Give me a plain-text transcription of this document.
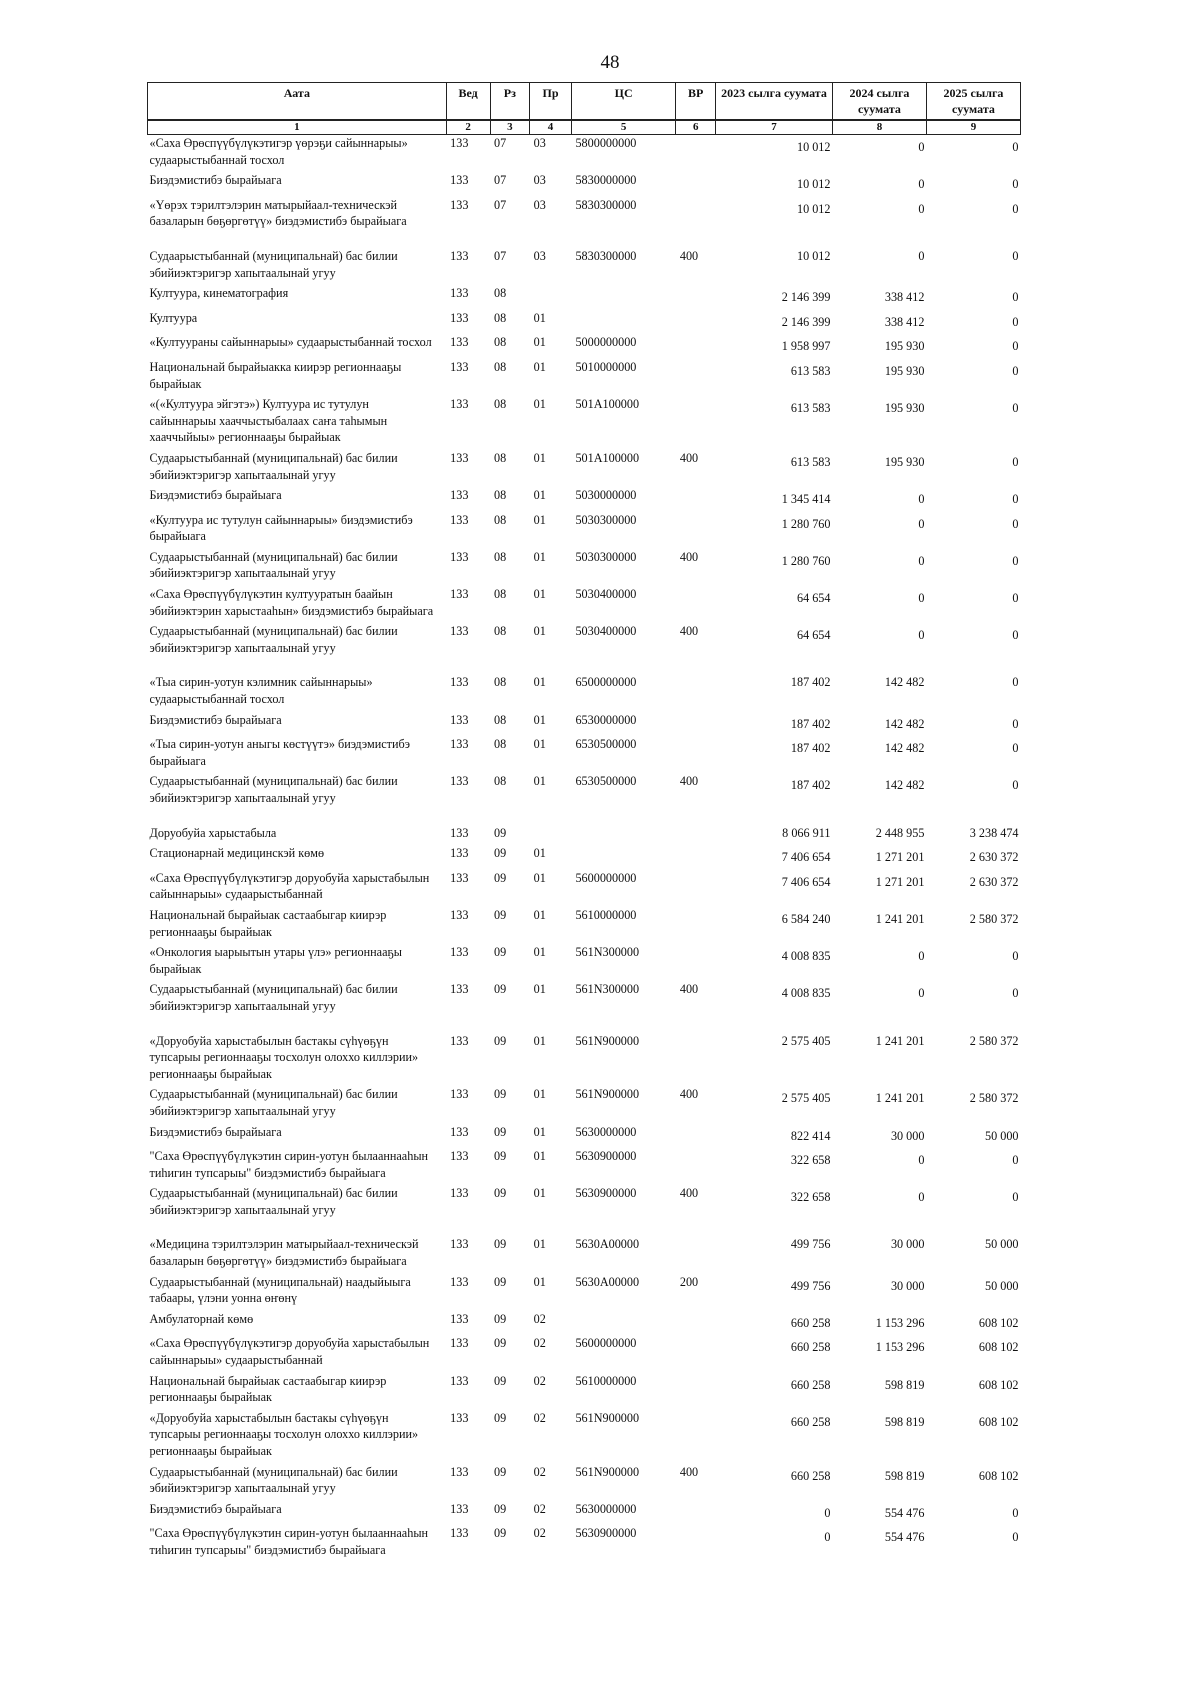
48
Аата	Вед	Рз	Пр	ЦС	ВР	2023 сылга суумата	2024 сылга суумата	2025 сылга суумата
1	2	3	4	5	6	7	8	9
«Саха Өрөспүүбүлүкэтигэр үөрэҕи сайыннарыы» судаарыстыбаннай тосхол	133	07	03	5800000000		10 012	0	0
Биэдэмистибэ бырайыага	133	07	03	5830000000		10 012	0	0
«Үөрэх тэрилтэлэрин матырыйаал-техническэй базаларын бөҕөргөтүү» биэдэмистибэ бырайыага	133	07	03	5830300000		10 012	0	0
Судаарыстыбаннай (муниципальнай) бас билии эбийиэктэригэр хапытаалынай угуу	133	07	03	5830300000	400	10 012	0	0
Култуура, кинематография	133	08				2 146 399	338 412	0
Култуура	133	08	01			2 146 399	338 412	0
«Култуураны сайыннарыы» судаарыстыбаннай тосхол	133	08	01	5000000000		1 958 997	195 930	0
Национальнай бырайыакка киирэр регионнааҕы бырайыак	133	08	01	5010000000		613 583	195 930	0
«(«Култуура эйгэтэ») Култуура ис тутулун сайыннарыы хааччыстыбалаах саҥа таһымын хааччыйыы» регионнааҕы бырайыак	133	08	01	501А100000		613 583	195 930	0
Судаарыстыбаннай (муниципальнай) бас билии эбийиэктэригэр хапытаалынай угуу	133	08	01	501А100000	400	613 583	195 930	0
Биэдэмистибэ бырайыага	133	08	01	5030000000		1 345 414	0	0
«Култуура ис тутулун сайыннарыы» биэдэмистибэ бырайыага	133	08	01	5030300000		1 280 760	0	0
Судаарыстыбаннай (муниципальнай) бас билии эбийиэктэригэр хапытаалынай угуу	133	08	01	5030300000	400	1 280 760	0	0
«Саха Өрөспүүбүлүкэтин култууратын баайын эбийиэктэрин харыстааһын» биэдэмистибэ бырайыага	133	08	01	5030400000		64 654	0	0
Судаарыстыбаннай (муниципальнай) бас билии эбийиэктэригэр хапытаалынай угуу	133	08	01	5030400000	400	64 654	0	0
«Тыа сирин-уотун кэлимник сайыннарыы» судаарыстыбаннай тосхол	133	08	01	6500000000		187 402	142 482	0
Биэдэмистибэ бырайыага	133	08	01	6530000000		187 402	142 482	0
«Тыа сирин-уотун аныгы көстүүтэ» биэдэмистибэ бырайыага	133	08	01	6530500000		187 402	142 482	0
Судаарыстыбаннай (муниципальнай) бас билии эбийиэктэригэр хапытаалынай угуу	133	08	01	6530500000	400	187 402	142 482	0
Доруобуйа харыстабыла	133	09				8 066 911	2 448 955	3 238 474
Стационарнай медицинскэй көмө	133	09	01			7 406 654	1 271 201	2 630 372
«Саха Өрөспүүбүлүкэтигэр доруобуйа харыстабылын сайыннарыы» судаарыстыбаннай	133	09	01	5600000000		7 406 654	1 271 201	2 630 372
Национальнай бырайыак састаабыгар киирэр регионнааҕы бырайыак	133	09	01	5610000000		6 584 240	1 241 201	2 580 372
«Онкология ыарыытын утары үлэ» регионнааҕы бырайыак	133	09	01	561N300000		4 008 835	0	0
Судаарыстыбаннай (муниципальнай) бас билии эбийиэктэригэр хапытаалынай угуу	133	09	01	561N300000	400	4 008 835	0	0
«Доруобуйа харыстабылын бастакы сүһүөҕүн тупсарыы регионнааҕы тосхолун олоххо киллэрии» регионнааҕы бырайыак	133	09	01	561N900000		2 575 405	1 241 201	2 580 372
Судаарыстыбаннай (муниципальнай) бас билии эбийиэктэригэр хапытаалынай угуу	133	09	01	561N900000	400	2 575 405	1 241 201	2 580 372
Биэдэмистибэ бырайыага	133	09	01	5630000000		822 414	30 000	50 000
"Саха Өрөспүүбүлүкэтин сирин-уотун былааннааһын тиһигин тупсарыы" биэдэмистибэ бырайыага	133	09	01	5630900000		322 658	0	0
Судаарыстыбаннай (муниципальнай) бас билии эбийиэктэригэр хапытаалынай угуу	133	09	01	5630900000	400	322 658	0	0
«Медицина тэрилтэлэрин матырыйаал-техническэй базаларын бөҕөргөтүү» биэдэмистибэ бырайыага	133	09	01	5630А00000		499 756	30 000	50 000
Судаарыстыбаннай (муниципальнай) наадыйыыга табаары, үлэни уонна өҥөнү	133	09	01	5630А00000	200	499 756	30 000	50 000
Амбулаторнай көмө	133	09	02			660 258	1 153 296	608 102
«Саха Өрөспүүбүлүкэтигэр доруобуйа харыстабылын сайыннарыы» судаарыстыбаннай	133	09	02	5600000000		660 258	1 153 296	608 102
Национальнай бырайыак састаабыгар киирэр регионнааҕы бырайыак	133	09	02	5610000000		660 258	598 819	608 102
«Доруобуйа харыстабылын бастакы сүһүөҕүн тупсарыы регионнааҕы тосхолун олоххо киллэрии» регионнааҕы бырайыак	133	09	02	561N900000		660 258	598 819	608 102
Судаарыстыбаннай (муниципальнай) бас билии эбийиэктэригэр хапытаалынай угуу	133	09	02	561N900000	400	660 258	598 819	608 102
Биэдэмистибэ бырайыага	133	09	02	5630000000		0	554 476	0
"Саха Өрөспүүбүлүкэтин сирин-уотун былааннааһын тиһигин тупсарыы" биэдэмистибэ бырайыага	133	09	02	5630900000		0	554 476	0
